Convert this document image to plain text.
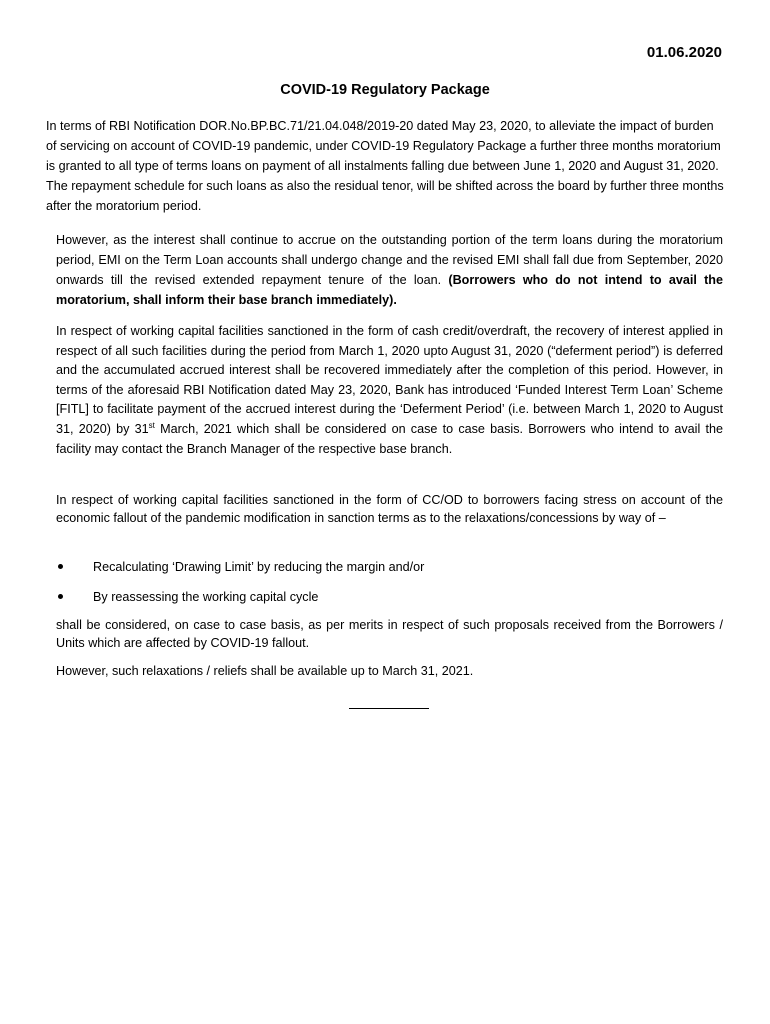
01.06.2020
COVID-19 Regulatory Package

In terms of RBI Notification DOR.No.BP.BC.71/21.04.048/2019-20 dated May 23, 2020, to alleviate the impact of burden of servicing on account of COVID-19 pandemic, under COVID-19 Regulatory Package a further three months moratorium is granted to all type of terms loans on payment of all instalments falling due between June 1, 2020 and August 31, 2020. The repayment schedule for such loans as also the residual tenor, will be shifted across the board by further three months after the moratorium period.

However, as the interest shall continue to accrue on the outstanding portion of the term loans during the moratorium period, EMI on the Term Loan accounts shall undergo change and the revised EMI shall fall due from September, 2020 onwards till the revised extended repayment tenure of the loan. (Borrowers who do not intend to avail the moratorium, shall inform their base branch immediately).

In respect of working capital facilities sanctioned in the form of cash credit/overdraft, the recovery of interest applied in respect of all such facilities during the period from March 1, 2020 upto August 31, 2020 (“deferment period”) is deferred and the accumulated accrued interest shall be recovered immediately after the completion of this period. However, in terms of the aforesaid RBI Notification dated May 23, 2020, Bank has introduced ‘Funded Interest Term Loan’ Scheme [FITL] to facilitate payment of the accrued interest during the ‘Deferment Period’ (i.e. between March 1, 2020 to August 31, 2020) by 31st March, 2021 which shall be considered on case to case basis. Borrowers who intend to avail the facility may contact the Branch Manager of the respective base branch.

In respect of working capital facilities sanctioned in the form of CC/OD to borrowers facing stress on account of the economic fallout of the pandemic modification in sanction terms as to the relaxations/concessions by way of –

Recalculating ‘Drawing Limit’ by reducing the margin and/or
By reassessing the working capital cycle

shall be considered, on case to case basis, as per merits in respect of such proposals received from the Borrowers / Units which are affected by COVID-19 fallout.

However, such relaxations / reliefs shall be available up to March 31, 2021.
